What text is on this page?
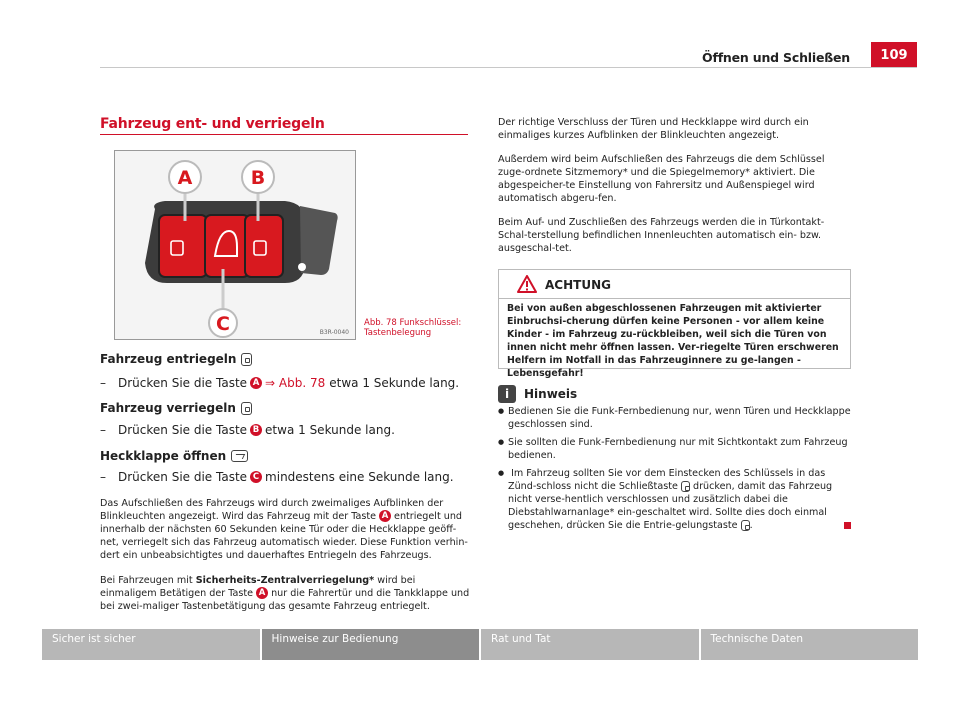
Öffnen und Schließen	109
Fahrzeug ent- und verriegeln
A	B
C	B3R-0040
Abb. 78 Funkschlüssel:
Tastenbelegung
Fahrzeug entriegeln
–	Drücken Sie die Taste A ⇒ Abb. 78 etwa 1 Sekunde lang.
Fahrzeug verriegeln
–	Drücken Sie die Taste B etwa 1 Sekunde lang.
Heckklappe öffnen
–	Drücken Sie die Taste C mindestens eine Sekunde lang.
Das Aufschließen des Fahrzeugs wird durch zweimaliges Aufblinken der Blinkleuchten angezeigt. Wird das Fahrzeug mit der Taste A entriegelt und innerhalb der nächsten 60 Sekunden keine Tür oder die Heckklappe geöff-net, verriegelt sich das Fahrzeug automatisch wieder. Diese Funktion verhin-dert ein unbeabsichtigtes und dauerhaftes Entriegeln des Fahrzeugs.
Bei Fahrzeugen mit Sicherheits-Zentralverriegelung* wird bei einmaligem Betätigen der Taste A nur die Fahrertür und die Tankklappe und bei zwei-maliger Tastenbetätigung das gesamte Fahrzeug entriegelt.
Der richtige Verschluss der Türen und Heckklappe wird durch ein einmaliges kurzes Aufblinken der Blinkleuchten angezeigt.
Außerdem wird beim Aufschließen des Fahrzeugs die dem Schlüssel zuge-ordnete Sitzmemory* und die Spiegelmemory* aktiviert. Die abgespeicher-te Einstellung von Fahrersitz und Außenspiegel wird automatisch abgeru-fen.
Beim Auf- und Zuschließen des Fahrzeugs werden die in Türkontakt-Schal-terstellung befindlichen Innenleuchten automatisch ein- bzw. ausgeschal-tet.
ACHTUNG
Bei von außen abgeschlossenen Fahrzeugen mit aktivierter Einbruchsi-cherung dürfen keine Personen - vor allem keine Kinder - im Fahrzeug zu-rückbleiben, weil sich die Türen von innen nicht mehr öffnen lassen. Ver-riegelte Türen erschweren Helfern im Notfall in das Fahrzeuginnere zu ge-langen - Lebensgefahr!
i	Hinweis
● Bedienen Sie die Funk-Fernbedienung nur, wenn Türen und Heckklappe geschlossen sind.
● Sie sollten die Funk-Fernbedienung nur mit Sichtkontakt zum Fahrzeug bedienen.
● Im Fahrzeug sollten Sie vor dem Einstecken des Schlüssels in das Zünd-schloss nicht die Schließtaste drücken, damit das Fahrzeug nicht verse-hentlich verschlossen und zusätzlich dabei die Diebstahlwarnanlage* ein-geschaltet wird. Sollte dies doch einmal geschehen, drücken Sie die Entrie-gelungstaste .
Sicher ist sicher	Hinweise zur Bedienung	Rat und Tat	Technische Daten
